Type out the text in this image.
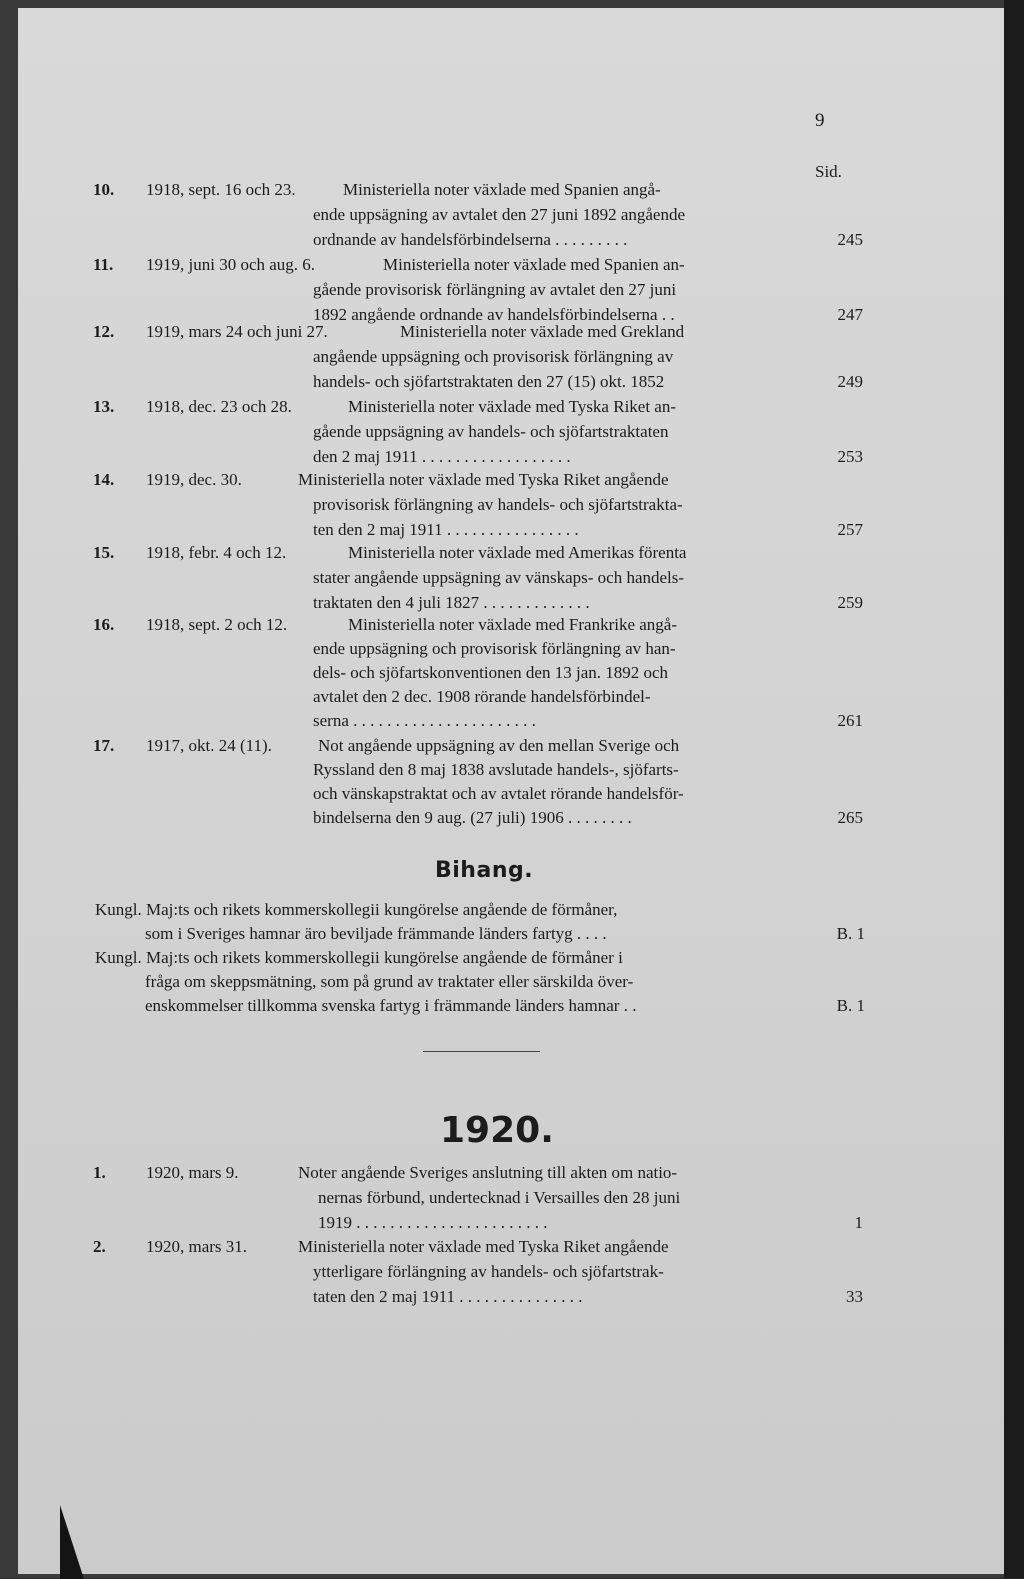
9
Sid.
10. 1918, sept. 16 och 23.	Ministeriella noter växlade med Spanien angå-
ende uppsägning av avtalet den 27 juni 1892 angående
ordnande av handelsförbindelserna . . . . . . . . .	245
11. 1919, juni 30 och aug. 6.	Ministeriella noter växlade med Spanien an-
gående provisorisk förlängning av avtalet den 27 juni
1892 angående ordnande av handelsförbindelserna . .	247
12. 1919, mars 24 och juni 27.	Ministeriella noter växlade med Grekland
angående uppsägning och provisorisk förlängning av
handels- och sjöfartstraktaten den 27 (15) okt. 1852	249
13. 1918, dec. 23 och 28.	Ministeriella noter växlade med Tyska Riket an-
gående uppsägning av handels- och sjöfartstraktaten
den 2 maj 1911 . . . . . . . . . . . . . . . . . .	253
14. 1919, dec. 30.	Ministeriella noter växlade med Tyska Riket angående
provisorisk förlängning av handels- och sjöfartstrakta-
ten den 2 maj 1911 . . . . . . . . . . . . . . . .	257
15. 1918, febr. 4 och 12.	Ministeriella noter växlade med Amerikas förenta
stater angående uppsägning av vänskaps- och handels-
traktaten den 4 juli 1827 . . . . . . . . . . . . .	259
16. 1918, sept. 2 och 12.	Ministeriella noter växlade med Frankrike angå-
ende uppsägning och provisorisk förlängning av han-
dels- och sjöfartskonventionen den 13 jan. 1892 och
avtalet den 2 dec. 1908 rörande handelsförbindel-
serna . . . . . . . . . . . . . . . . . . . . . .	261
17. 1917, okt. 24 (11).	Not angående uppsägning av den mellan Sverige och
Ryssland den 8 maj 1838 avslutade handels-, sjöfarts-
och vänskapstraktat och av avtalet rörande handelsför-
bindelserna den 9 aug. (27 juli) 1906 . . . . . . . .	265
Bihang.
Kungl. Maj:ts och rikets kommerskollegii kungörelse angående de förmåner,
som i Sveriges hamnar äro beviljade främmande länders fartyg . . . .	B. 1
Kungl. Maj:ts och rikets kommerskollegii kungörelse angående de förmåner i
fråga om skeppsmätning, som på grund av traktater eller särskilda över-
enskommelser tillkomma svenska fartyg i främmande länders hamnar . .	B. 1
1920.
1. 1920, mars 9.	Noter angående Sveriges anslutning till akten om natio-
nernas förbund, undertecknad i Versailles den 28 juni
1919 . . . . . . . . . . . . . . . . . . . . . . .	1
2. 1920, mars 31.	Ministeriella noter växlade med Tyska Riket angående
ytterligare förlängning av handels- och sjöfartstrak-
taten den 2 maj 1911 . . . . . . . . . . . . . . .	33
